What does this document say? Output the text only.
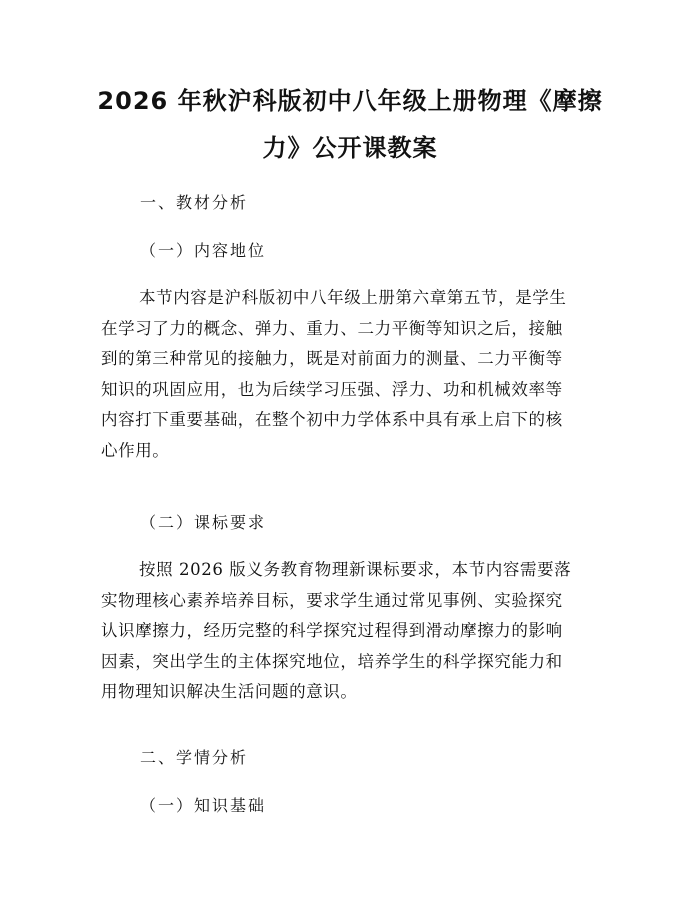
2026 年秋沪科版初中八年级上册物理《摩擦
力》公开课教案
一、教材分析
（一）内容地位
本节内容是沪科版初中八年级上册第六章第五节，是学生
在学习了力的概念、弹力、重力、二力平衡等知识之后，接触
到的第三种常见的接触力，既是对前面力的测量、二力平衡等
知识的巩固应用，也为后续学习压强、浮力、功和机械效率等
内容打下重要基础，在整个初中力学体系中具有承上启下的核
心作用。
（二）课标要求
按照 2026 版义务教育物理新课标要求，本节内容需要落
实物理核心素养培养目标，要求学生通过常见事例、实验探究
认识摩擦力，经历完整的科学探究过程得到滑动摩擦力的影响
因素，突出学生的主体探究地位，培养学生的科学探究能力和
用物理知识解决生活问题的意识。
二、学情分析
（一）知识基础
